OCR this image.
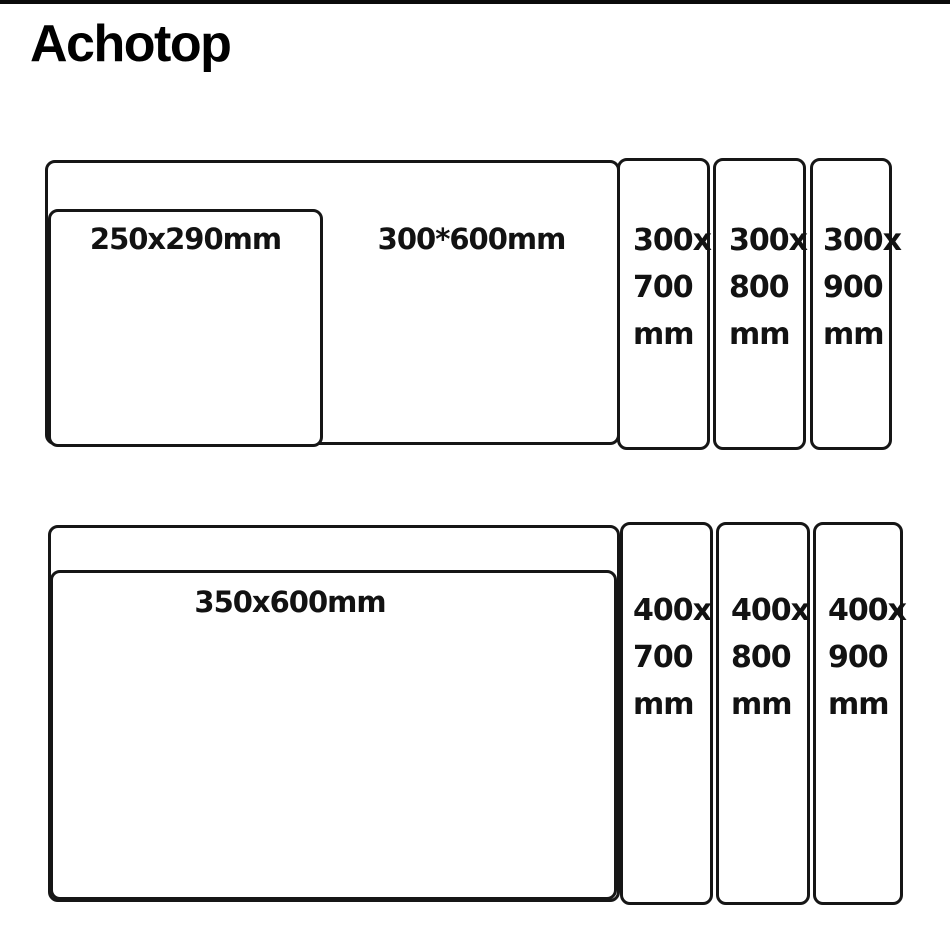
Achotop
300x
700
mm
300x
800
mm
300x
900
mm
250x290mm	300*600mm
400x
700
mm
400x
800
mm
400x
900
mm
350x600mm
